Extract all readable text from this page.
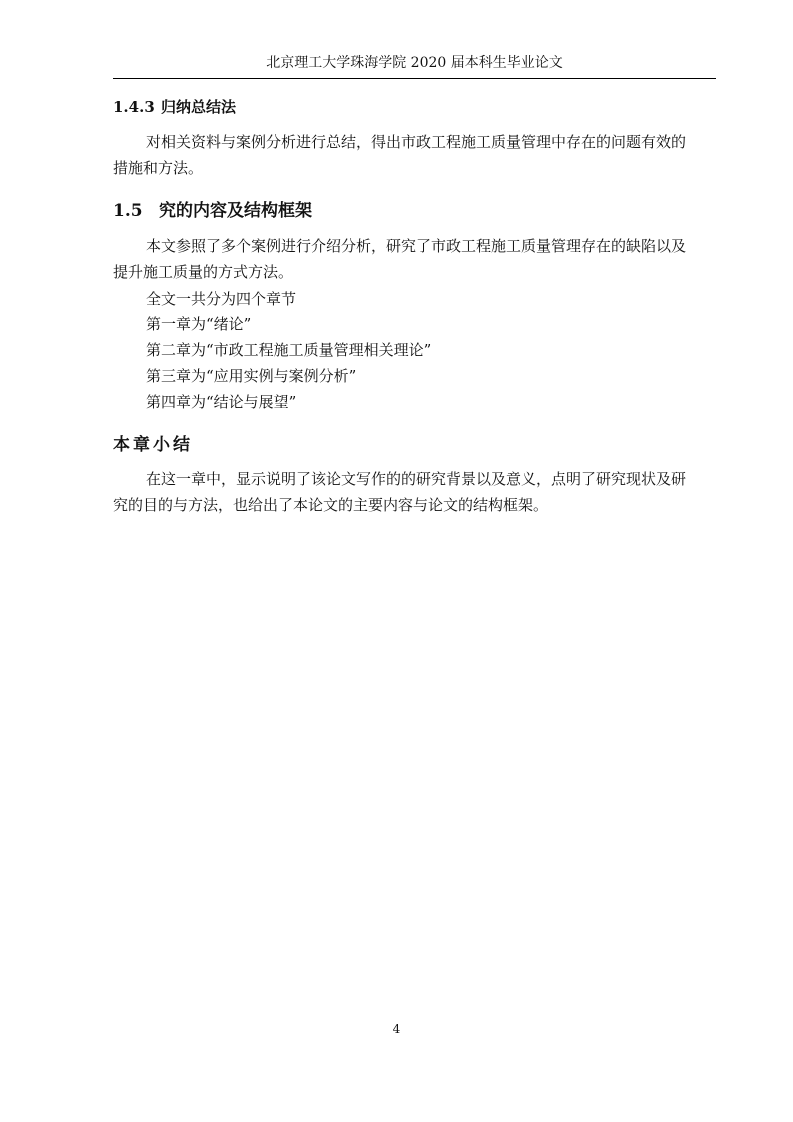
北京理工大学珠海学院 2020 届本科生毕业论文
1.4.3 归纳总结法
对相关资料与案例分析进行总结，得出市政工程施工质量管理中存在的问题有效的
措施和方法。
1.5 究的内容及结构框架
本文参照了多个案例进行介绍分析，研究了市政工程施工质量管理存在的缺陷以及
提升施工质量的方式方法。
全文一共分为四个章节
第一章为“绪论”
第二章为“市政工程施工质量管理相关理论”
第三章为“应用实例与案例分析”
第四章为“结论与展望”
本章小结
在这一章中，显示说明了该论文写作的的研究背景以及意义，点明了研究现状及研
究的目的与方法，也给出了本论文的主要内容与论文的结构框架。
4
